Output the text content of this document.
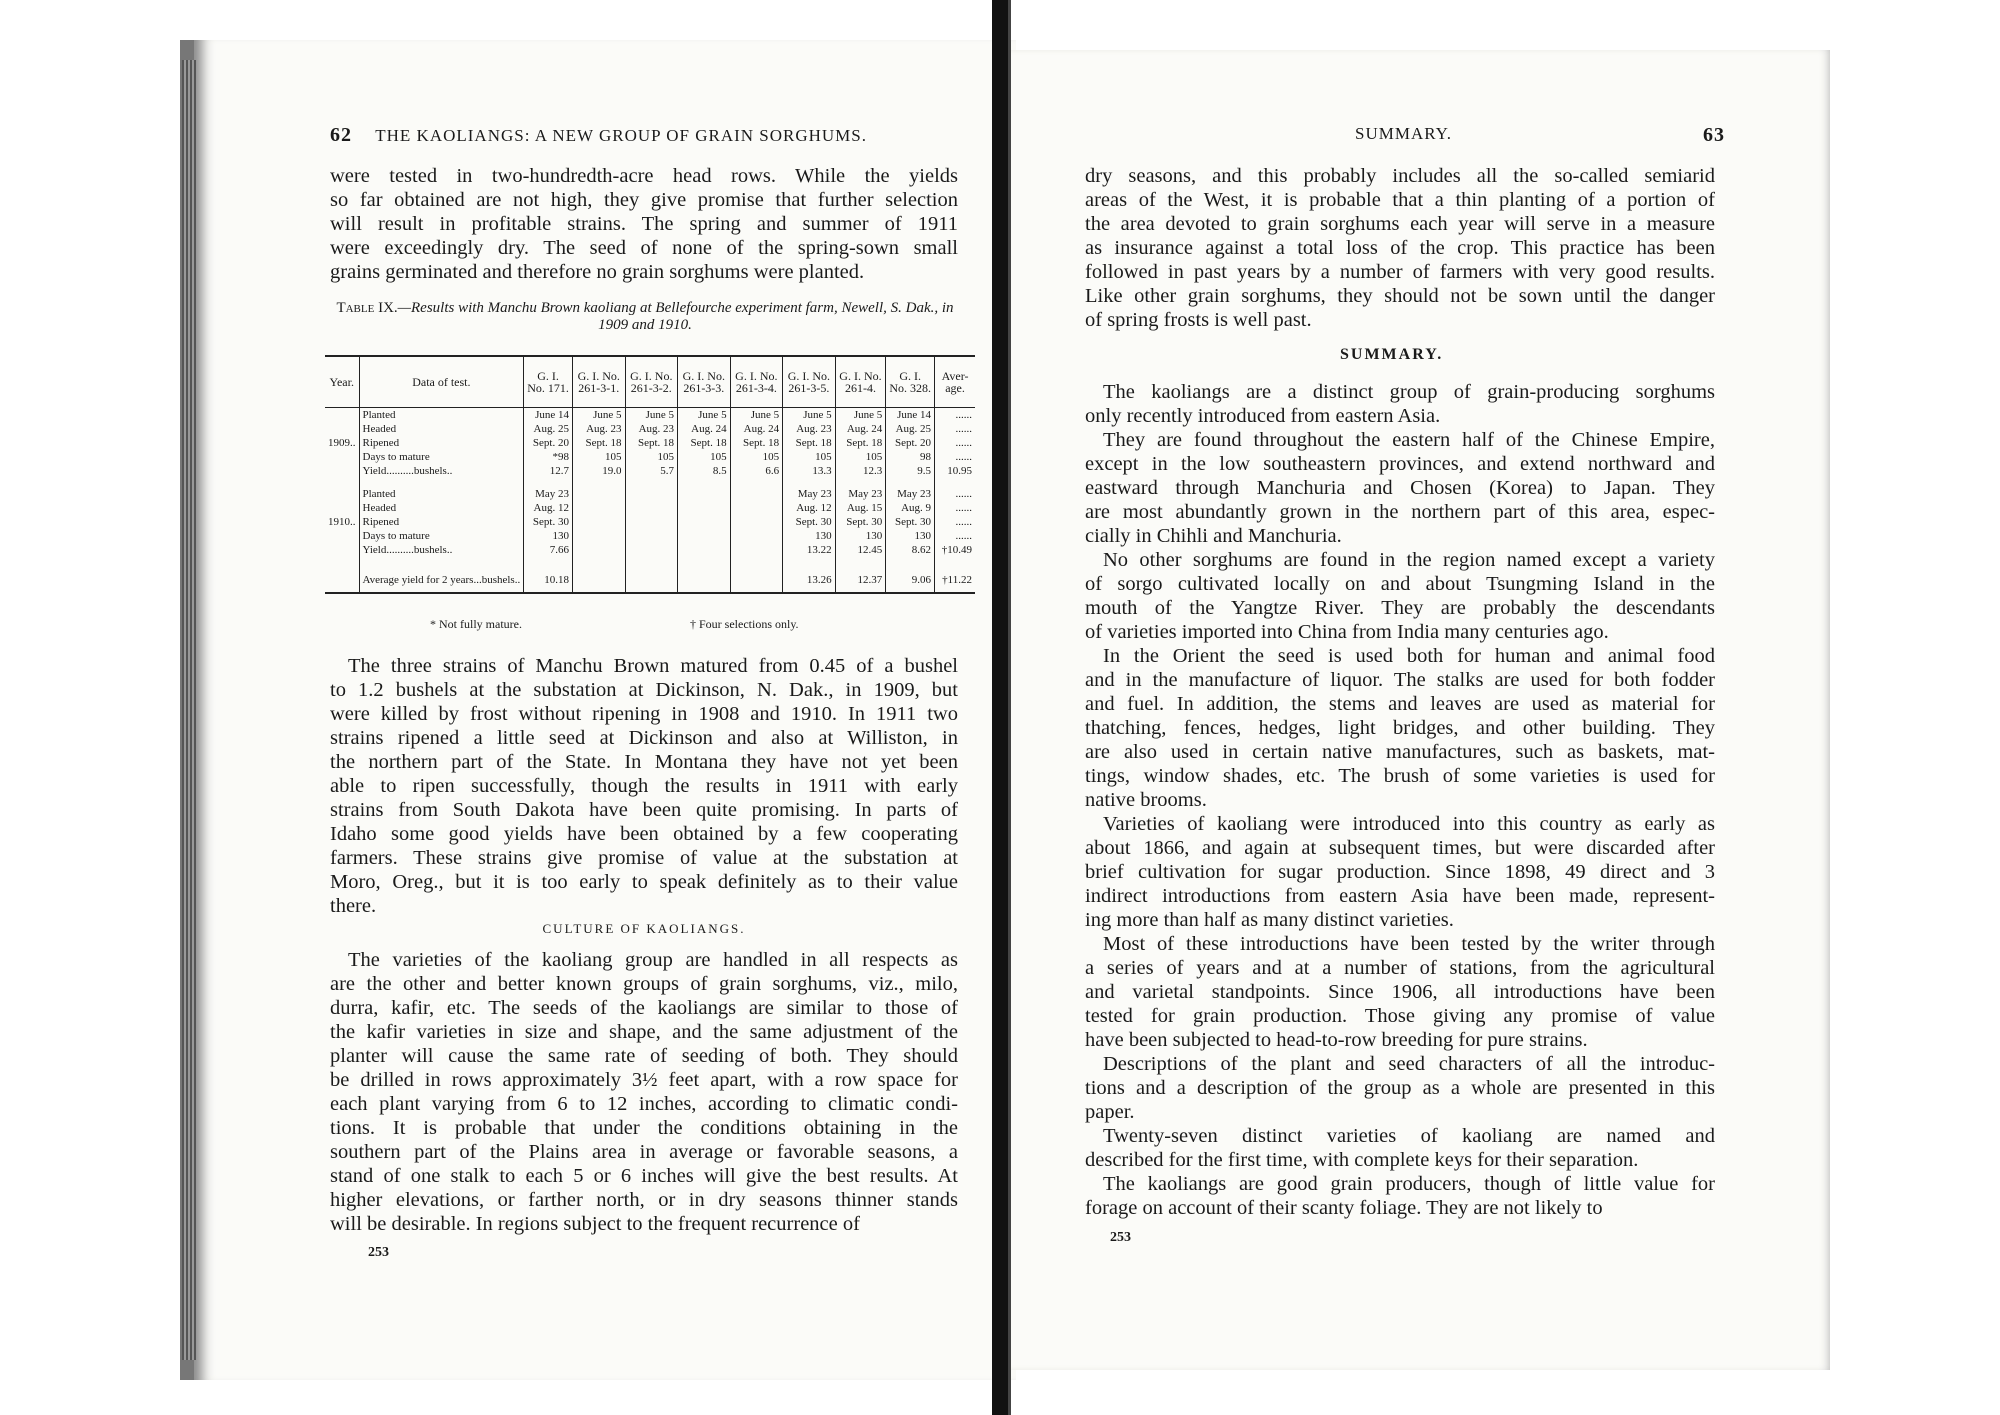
62 THE KAOLIANGS: A NEW GROUP OF GRAIN SORGHUMS.

were tested in two-hundredth-acre head rows. While the yields

so far obtained are not high, they give promise that further selection

will result in profitable strains. The spring and summer of 1911

were exceedingly dry. The seed of none of the spring-sown small

grains germinated and therefore no grain sorghums were planted.

Table IX.—Results with Manchu Brown kaoliang at Bellefourche experiment farm, Newell, S. Dak., in 1909 and 1910.
Year.	Data of test.	G. I. No. 171.	G. I. No. 261-3-1.	G. I. No. 261-3-2.	G. I. No. 261-3-3.	G. I. No. 261-3-4.	G. I. No. 261-3-5.	G. I. No. 261-4.	G. I. No. 328.	Aver- age.
	Planted	June 14	June 5	June 5	June 5	June 5	June 5	June 5	June 14	......
	Headed	Aug. 25	Aug. 23	Aug. 23	Aug. 24	Aug. 24	Aug. 23	Aug. 24	Aug. 25	......
1909..	Ripened	Sept. 20	Sept. 18	Sept. 18	Sept. 18	Sept. 18	Sept. 18	Sept. 18	Sept. 20	......
	Days to mature	*98	105	105	105	105	105	105	98	......
	Yield..........bushels..	12.7	19.0	5.7	8.5	6.6	13.3	12.3	9.5	10.95
	Planted	May 23					May 23	May 23	May 23	......
	Headed	Aug. 12					Aug. 12	Aug. 15	Aug. 9	......
1910..	Ripened	Sept. 30					Sept. 30	Sept. 30	Sept. 30	......
	Days to mature	130					130	130	130	......
	Yield..........bushels..	7.66					13.22	12.45	8.62	†10.49
	Average yield for 2 years...bushels..	10.18					13.26	12.37	9.06	†11.22
* Not fully mature.	† Four selections only.

The three strains of Manchu Brown matured from 0.45 of a bushel

to 1.2 bushels at the substation at Dickinson, N. Dak., in 1909, but

were killed by frost without ripening in 1908 and 1910. In 1911 two

strains ripened a little seed at Dickinson and also at Williston, in

the northern part of the State. In Montana they have not yet been

able to ripen successfully, though the results in 1911 with early

strains from South Dakota have been quite promising. In parts of

Idaho some good yields have been obtained by a few cooperating

farmers. These strains give promise of value at the substation at

Moro, Oreg., but it is too early to speak definitely as to their value

there.

CULTURE OF KAOLIANGS.

The varieties of the kaoliang group are handled in all respects as

are the other and better known groups of grain sorghums, viz., milo,

durra, kafir, etc. The seeds of the kaoliangs are similar to those of

the kafir varieties in size and shape, and the same adjustment of the

planter will cause the same rate of seeding of both. They should

be drilled in rows approximately 3½ feet apart, with a row space for

each plant varying from 6 to 12 inches, according to climatic condi-

tions. It is probable that under the conditions obtaining in the

southern part of the Plains area in average or favorable seasons, a

stand of one stalk to each 5 or 6 inches will give the best results. At

higher elevations, or farther north, or in dry seasons thinner stands

will be desirable. In regions subject to the frequent recurrence of

253
SUMMARY.	63

dry seasons, and this probably includes all the so-called semiarid

areas of the West, it is probable that a thin planting of a portion of

the area devoted to grain sorghums each year will serve in a measure

as insurance against a total loss of the crop. This practice has been

followed in past years by a number of farmers with very good results.

Like other grain sorghums, they should not be sown until the danger

of spring frosts is well past.

SUMMARY.

The kaoliangs are a distinct group of grain-producing sorghums

only recently introduced from eastern Asia.

They are found throughout the eastern half of the Chinese Empire,

except in the low southeastern provinces, and extend northward and

eastward through Manchuria and Chosen (Korea) to Japan. They

are most abundantly grown in the northern part of this area, espec-

cially in Chihli and Manchuria.

No other sorghums are found in the region named except a variety

of sorgo cultivated locally on and about Tsungming Island in the

mouth of the Yangtze River. They are probably the descendants

of varieties imported into China from India many centuries ago.

In the Orient the seed is used both for human and animal food

and in the manufacture of liquor. The stalks are used for both fodder

and fuel. In addition, the stems and leaves are used as material for

thatching, fences, hedges, light bridges, and other building. They

are also used in certain native manufactures, such as baskets, mat-

tings, window shades, etc. The brush of some varieties is used for

native brooms.

Varieties of kaoliang were introduced into this country as early as

about 1866, and again at subsequent times, but were discarded after

brief cultivation for sugar production. Since 1898, 49 direct and 3

indirect introductions from eastern Asia have been made, represent-

ing more than half as many distinct varieties.

Most of these introductions have been tested by the writer through

a series of years and at a number of stations, from the agricultural

and varietal standpoints. Since 1906, all introductions have been

tested for grain production. Those giving any promise of value

have been subjected to head-to-row breeding for pure strains.

Descriptions of the plant and seed characters of all the introduc-

tions and a description of the group as a whole are presented in this

paper.

Twenty-seven distinct varieties of kaoliang are named and

described for the first time, with complete keys for their separation.

The kaoliangs are good grain producers, though of little value for

forage on account of their scanty foliage. They are not likely to

253
